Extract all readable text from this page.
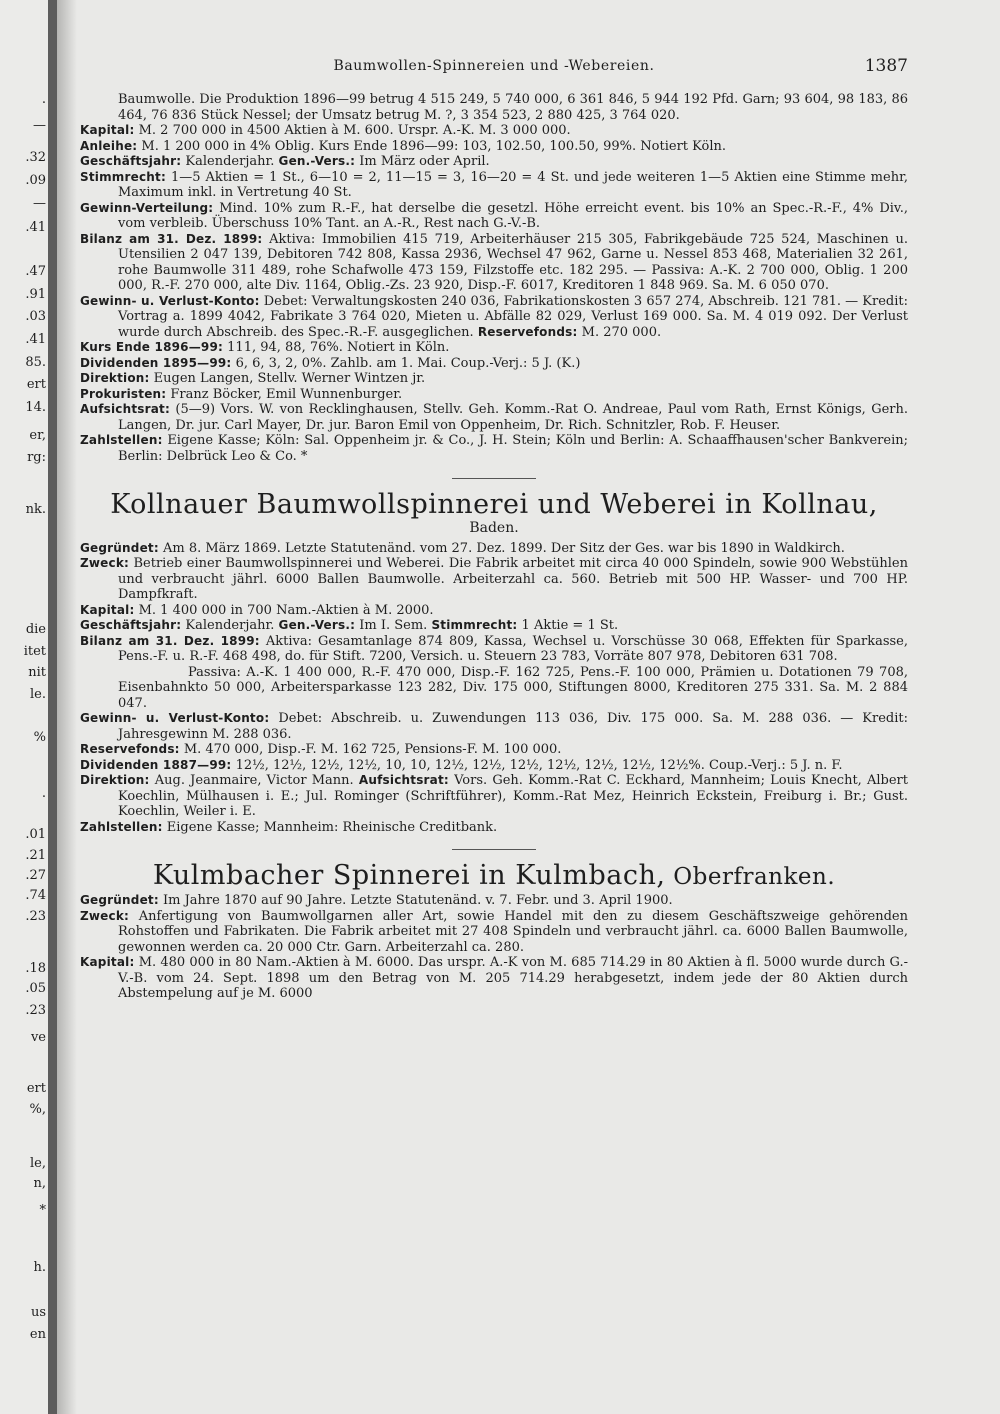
.
—
.32
.09
—
.41
.47
.91
.03
.41
85.
ert
14.
er,
rg:
nk.
die
itet
nit
le.
%
.
.01
.21
.27
.74
.23
.18
.05
.23
ve
ert
%,
le,
n,
*
h.
us
en
Baumwollen-Spinnereien und -Webereien.	1387

Baumwolle. Die Produktion 1896—99 betrug 4 515 249, 5 740 000, 6 361 846, 5 944 192 Pfd. Garn; 93 604, 98 183, 86 464, 76 836 Stück Nessel; der Umsatz betrug M. ?, 3 354 523, 2 880 425, 3 764 020.

Kapital: M. 2 700 000 in 4500 Aktien à M. 600. Urspr. A.-K. M. 3 000 000.

Anleihe: M. 1 200 000 in 4% Oblig. Kurs Ende 1896—99: 103, 102.50, 100.50, 99%. Notiert Köln.

Geschäftsjahr: Kalenderjahr. Gen.-Vers.: Im März oder April.

Stimmrecht: 1—5 Aktien = 1 St., 6—10 = 2, 11—15 = 3, 16—20 = 4 St. und jede weiteren 1—5 Aktien eine Stimme mehr, Maximum inkl. in Vertretung 40 St.

Gewinn-Verteilung: Mind. 10% zum R.-F., hat derselbe die gesetzl. Höhe erreicht event. bis 10% an Spec.-R.-F., 4% Div., vom verbleib. Überschuss 10% Tant. an A.-R., Rest nach G.-V.-B.

Bilanz am 31. Dez. 1899: Aktiva: Immobilien 415 719, Arbeiterhäuser 215 305, Fabrikgebäude 725 524, Maschinen u. Utensilien 2 047 139, Debitoren 742 808, Kassa 2936, Wechsel 47 962, Garne u. Nessel 853 468, Materialien 32 261, rohe Baumwolle 311 489, rohe Schafwolle 473 159, Filzstoffe etc. 182 295. — Passiva: A.-K. 2 700 000, Oblig. 1 200 000, R.-F. 270 000, alte Div. 1164, Oblig.-Zs. 23 920, Disp.-F. 6017, Kreditoren 1 848 969. Sa. M. 6 050 070.

Gewinn- u. Verlust-Konto: Debet: Verwaltungskosten 240 036, Fabrikationskosten 3 657 274, Abschreib. 121 781. — Kredit: Vortrag a. 1899 4042, Fabrikate 3 764 020, Mieten u. Abfälle 82 029, Verlust 169 000. Sa. M. 4 019 092. Der Verlust wurde durch Abschreib. des Spec.-R.-F. ausgeglichen. Reservefonds: M. 270 000.

Kurs Ende 1896—99: 111, 94, 88, 76%. Notiert in Köln.

Dividenden 1895—99: 6, 6, 3, 2, 0%. Zahlb. am 1. Mai. Coup.-Verj.: 5 J. (K.)

Direktion: Eugen Langen, Stellv. Werner Wintzen jr.

Prokuristen: Franz Böcker, Emil Wunnenburger.

Aufsichtsrat: (5—9) Vors. W. von Recklinghausen, Stellv. Geh. Komm.-Rat O. Andreae, Paul vom Rath, Ernst Königs, Gerh. Langen, Dr. jur. Carl Mayer, Dr. jur. Baron Emil von Oppenheim, Dr. Rich. Schnitzler, Rob. F. Heuser.

Zahlstellen: Eigene Kasse; Köln: Sal. Oppenheim jr. & Co., J. H. Stein; Köln und Berlin: A. Schaaffhausen'scher Bankverein; Berlin: Delbrück Leo & Co. *

Kollnauer Baumwollspinnerei und Weberei in Kollnau,
Baden.

Gegründet: Am 8. März 1869. Letzte Statutenänd. vom 27. Dez. 1899. Der Sitz der Ges. war bis 1890 in Waldkirch.

Zweck: Betrieb einer Baumwollspinnerei und Weberei. Die Fabrik arbeitet mit circa 40 000 Spindeln, sowie 900 Webstühlen und verbraucht jährl. 6000 Ballen Baumwolle. Arbeiterzahl ca. 560. Betrieb mit 500 HP. Wasser- und 700 HP. Dampfkraft.

Kapital: M. 1 400 000 in 700 Nam.-Aktien à M. 2000.

Geschäftsjahr: Kalenderjahr. Gen.-Vers.: Im I. Sem. Stimmrecht: 1 Aktie = 1 St.

Bilanz am 31. Dez. 1899: Aktiva: Gesamtanlage 874 809, Kassa, Wechsel u. Vorschüsse 30 068, Effekten für Sparkasse, Pens.-F. u. R.-F. 468 498, do. für Stift. 7200, Versich. u. Steuern 23 783, Vorräte 807 978, Debitoren 631 708.

Passiva: A.-K. 1 400 000, R.-F. 470 000, Disp.-F. 162 725, Pens.-F. 100 000, Prämien u. Dotationen 79 708, Eisenbahnkto 50 000, Arbeitersparkasse 123 282, Div. 175 000, Stiftungen 8000, Kreditoren 275 331. Sa. M. 2 884 047.

Gewinn- u. Verlust-Konto: Debet: Abschreib. u. Zuwendungen 113 036, Div. 175 000. Sa. M. 288 036. — Kredit: Jahresgewinn M. 288 036.

Reservefonds: M. 470 000, Disp.-F. M. 162 725, Pensions-F. M. 100 000.

Dividenden 1887—99: 12½, 12½, 12½, 12½, 10, 10, 12½, 12½, 12½, 12½, 12½, 12½, 12½%. Coup.-Verj.: 5 J. n. F.

Direktion: Aug. Jeanmaire, Victor Mann. Aufsichtsrat: Vors. Geh. Komm.-Rat C. Eckhard, Mannheim; Louis Knecht, Albert Koechlin, Mülhausen i. E.; Jul. Rominger (Schriftführer), Komm.-Rat Mez, Heinrich Eckstein, Freiburg i. Br.; Gust. Koechlin, Weiler i. E.

Zahlstellen: Eigene Kasse; Mannheim: Rheinische Creditbank.

Kulmbacher Spinnerei in Kulmbach, Oberfranken.

Gegründet: Im Jahre 1870 auf 90 Jahre. Letzte Statutenänd. v. 7. Febr. und 3. April 1900.

Zweck: Anfertigung von Baumwollgarnen aller Art, sowie Handel mit den zu diesem Geschäftszweige gehörenden Rohstoffen und Fabrikaten. Die Fabrik arbeitet mit 27 408 Spindeln und verbraucht jährl. ca. 6000 Ballen Baumwolle, gewonnen werden ca. 20 000 Ctr. Garn. Arbeiterzahl ca. 280.

Kapital: M. 480 000 in 80 Nam.-Aktien à M. 6000. Das urspr. A.-K von M. 685 714.29 in 80 Aktien à fl. 5000 wurde durch G.-V.-B. vom 24. Sept. 1898 um den Betrag von M. 205 714.29 herabgesetzt, indem jede der 80 Aktien durch Abstempelung auf je M. 6000
